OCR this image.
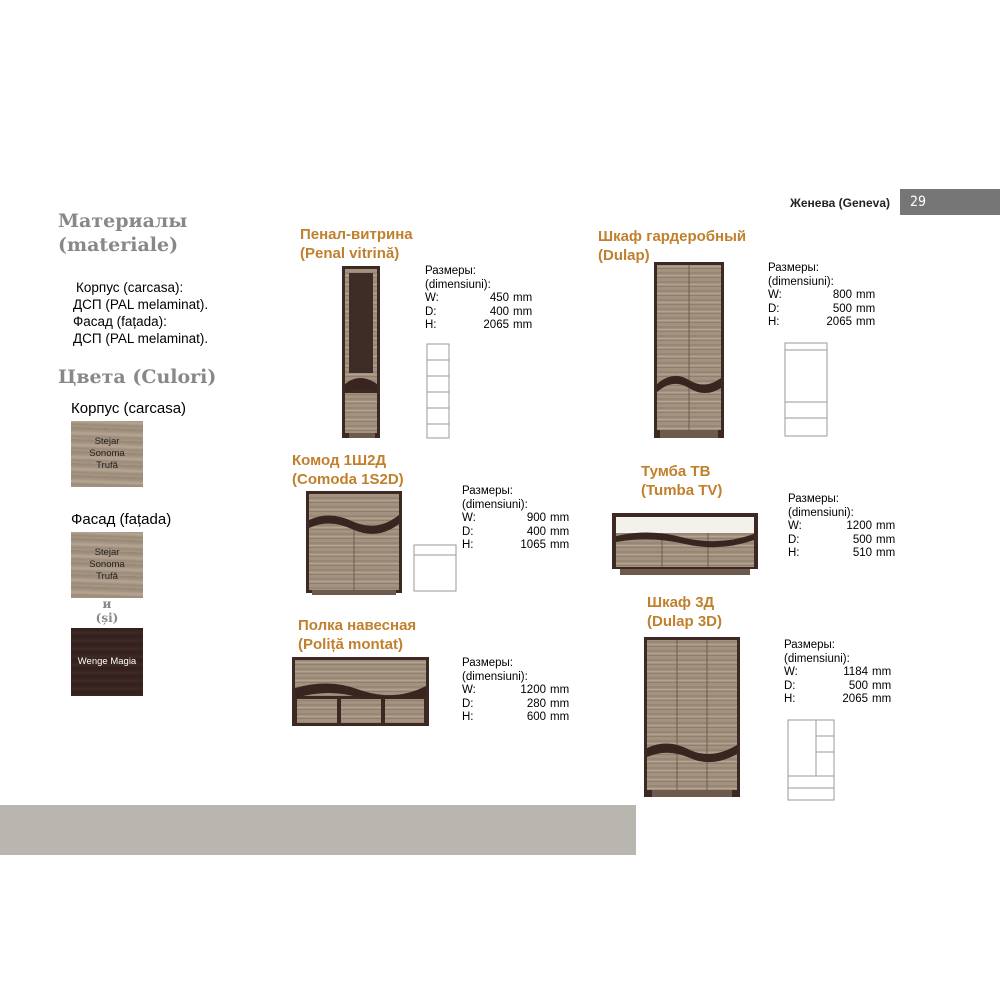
Женева (Geneva) 29
Материалы
(materiale)
Корпус (carcasa):
ДСП (PAL melaminat).
Фасад (fațada):
ДСП (PAL melaminat).
Цвета (Culori)
Корпус (carcasa)
Stejar
Sonoma
Trufă
Фасад (fațada)
Stejar
Sonoma
Trufă
и
(și)
Wenge Magia
Пенал-витрина
(Penal vitrină)
Шкаф гардеробный
(Dulap)
Комод 1Ш2Д
(Comoda 1S2D)	Тумба ТВ
(Tumba TV)
Полка навесная
(Poliță montat)
Шкаф 3Д
(Dulap 3D)
Размеры:
(dimensiuni):
W:	450 mm
D:	400 mm
H:	2065 mm
Размеры:
(dimensiuni):
W:	800 mm
D:	500 mm
H:	2065 mm
Размеры:
(dimensiuni):
W:	900 mm
D:	400 mm
H:	1065 mm
Размеры:
(dimensiuni):
W:	1200 mm
D:	500 mm
H:	510 mm
Размеры:
(dimensiuni):
W:	1200 mm
D:	280 mm
H:	600 mm
Размеры:
(dimensiuni):
W:	1184 mm
D:	500 mm
H:	2065 mm
